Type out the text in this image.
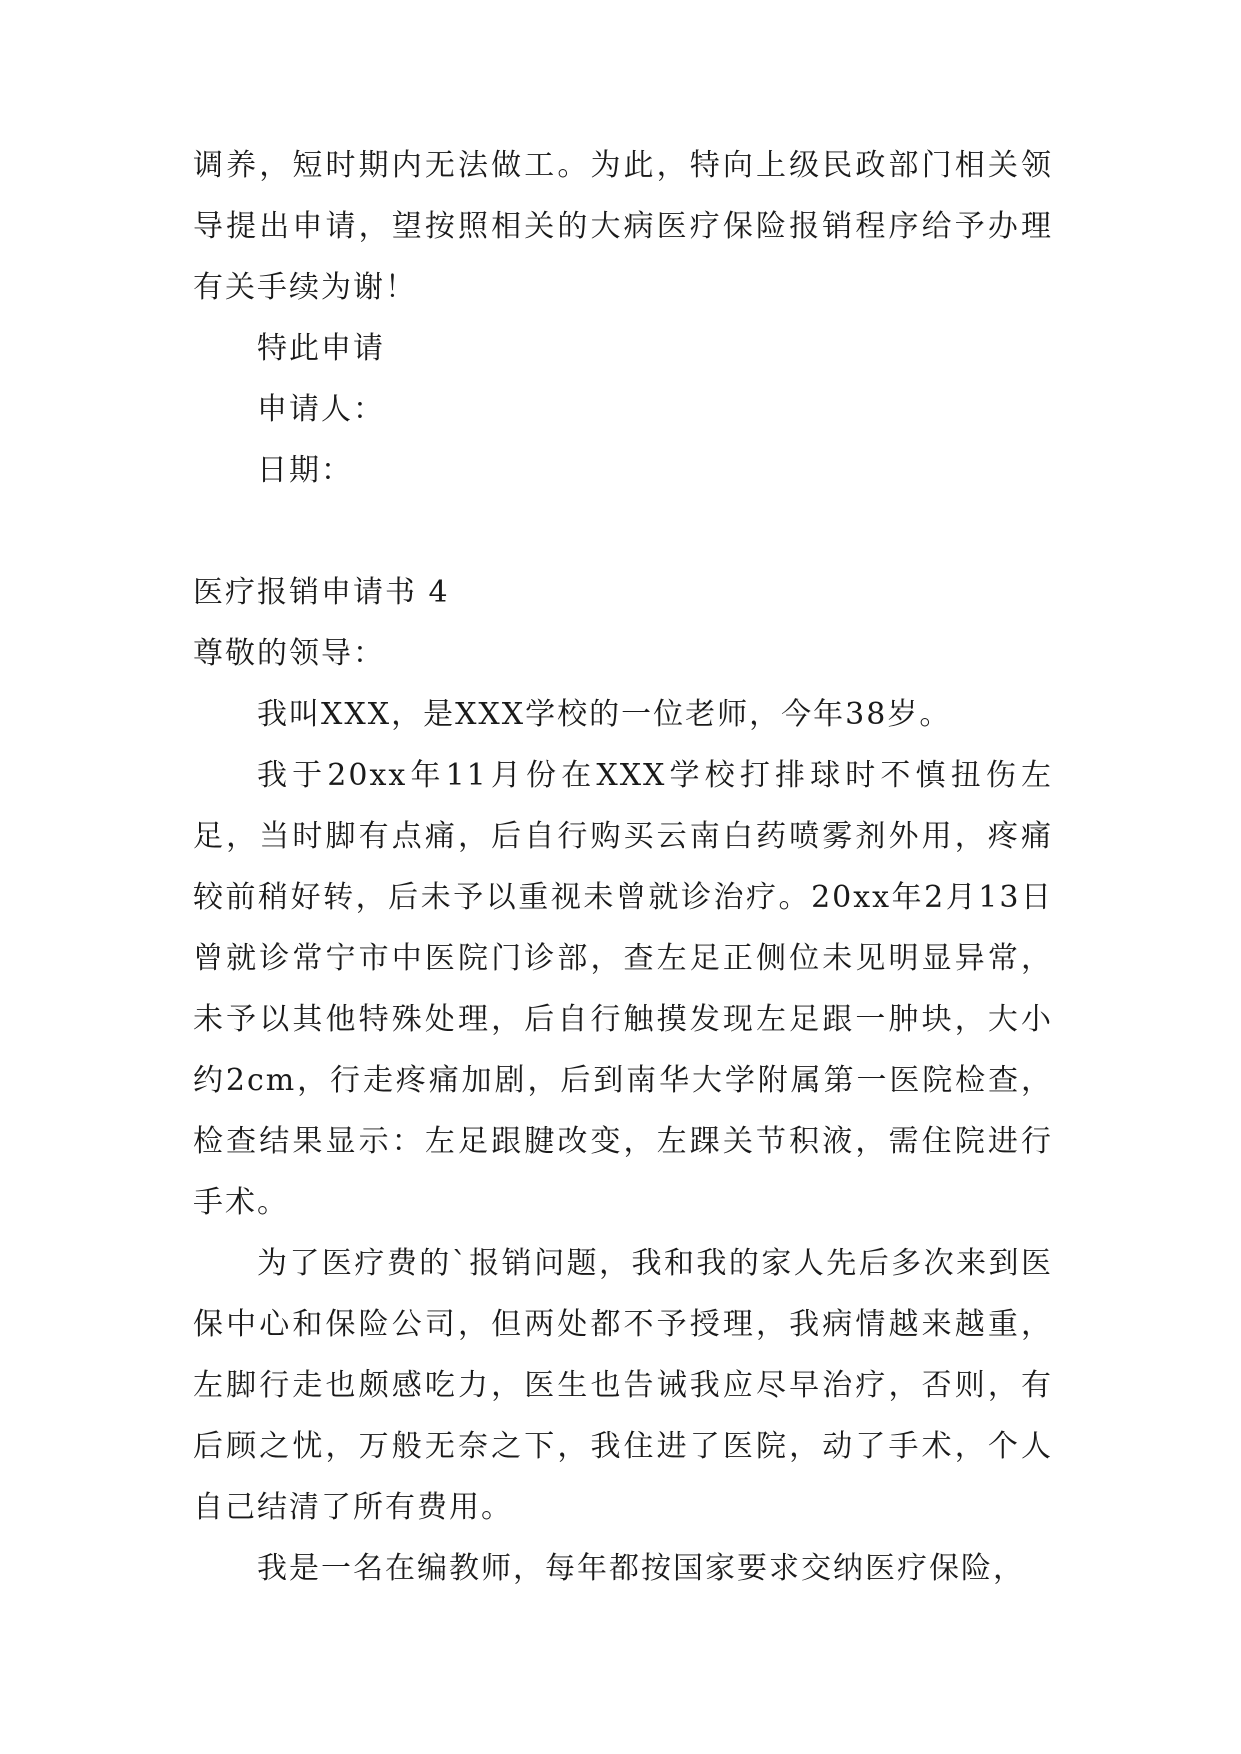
调养，短时期内无法做工。为此，特向上级民政部门相关领导提出申请，望按照相关的大病医疗保险报销程序给予办理有关手续为谢！

特此申请

申请人：

日期：

医疗报销申请书 4

尊敬的领导：

我叫XXX，是XXX学校的一位老师，今年38岁。

我于20xx年11月份在XXX学校打排球时不慎扭伤左足，当时脚有点痛，后自行购买云南白药喷雾剂外用，疼痛较前稍好转，后未予以重视未曾就诊治疗。20xx年2月13日曾就诊常宁市中医院门诊部，查左足正侧位未见明显异常，未予以其他特殊处理，后自行触摸发现左足跟一肿块，大小约2cm，行走疼痛加剧，后到南华大学附属第一医院检查，检查结果显示：左足跟腱改变，左踝关节积液，需住院进行手术。

为了医疗费的`报销问题，我和我的家人先后多次来到医保中心和保险公司，但两处都不予授理，我病情越来越重，左脚行走也颇感吃力，医生也告诫我应尽早治疗，否则，有后顾之忧，万般无奈之下，我住进了医院，动了手术，个人自己结清了所有费用。

我是一名在编教师，每年都按国家要求交纳医疗保险，
